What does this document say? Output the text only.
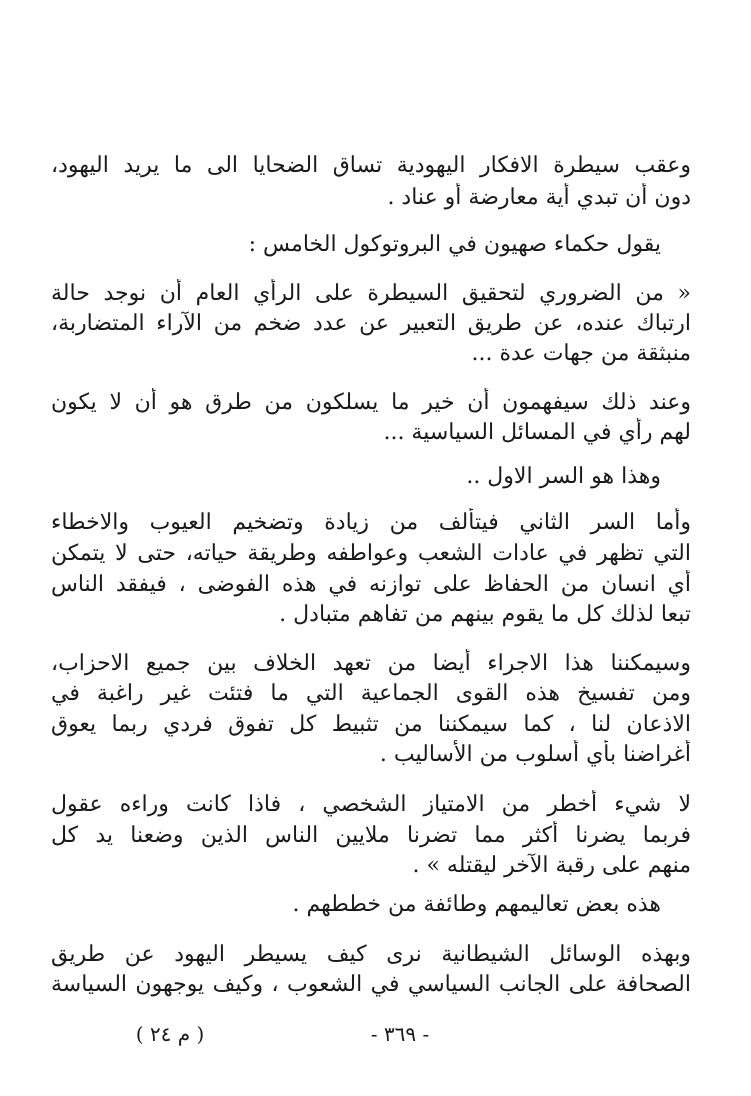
وعقب سيطرة الافكار اليهودية تساق الضحايا الى ما يريد اليهود،
دون أن تبدي أية معارضة أو عناد .
يقول حكماء صهيون في البروتوكول الخامس :
« من الضروري لتحقيق السيطرة على الرأي العام أن نوجد حالة
ارتباك عنده، عن طريق التعبير عن عدد ضخم من الآراء المتضاربة،
منبثقة من جهات عدة ...
وعند ذلك سيفهمون أن خير ما يسلكون من طرق هو أن لا يكون
لهم رأي في المسائل السياسية ...
وهذا هو السر الاول ..
وأما السر الثاني فيتألف من زيادة وتضخيم العيوب والاخطاء
التي تظهر في عادات الشعب وعواطفه وطريقة حياته، حتى لا يتمكن
أي انسان من الحفاظ على توازنه في هذه الفوضى ، فيفقد الناس
تبعا لذلك كل ما يقوم بينهم من تفاهم متبادل .
وسيمكننا هذا الاجراء أيضا من تعهد الخلاف بين جميع الاحزاب،
ومن تفسيخ هذه القوى الجماعية التي ما فتئت غير راغبة في
الاذعان لنا ، كما سيمكننا من تثبيط كل تفوق فردي ربما يعوق
أغراضنا بأي أسلوب من الأساليب .
لا شيء أخطر من الامتياز الشخصي ، فاذا كانت وراءه عقول
فربما يضرنا أكثر مما تضرنا ملايين الناس الذين وضعنا يد كل
منهم على رقبة الآخر ليقتله » .
هذه بعض تعاليمهم وطائفة من خططهم .
وبهذه الوسائل الشيطانية نرى كيف يسيطر اليهود عن طريق
الصحافة على الجانب السياسي في الشعوب ، وكيف يوجهون السياسة
- ٣٦٩ -
( م ٢٤ )
